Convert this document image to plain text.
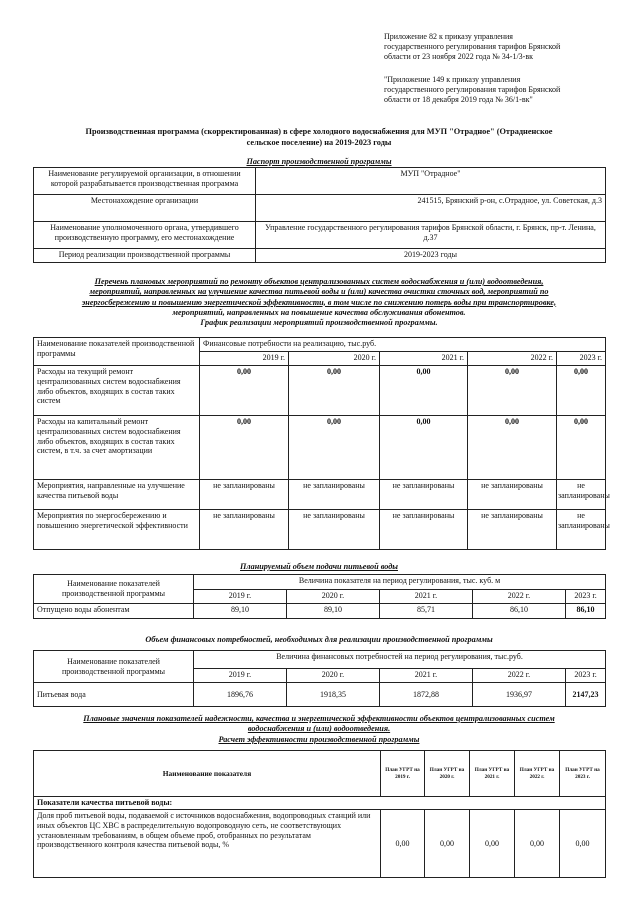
Приложение 82 к приказу управления

государственного регулирования тарифов Брянской

области от 23 ноября 2022 года № 34-1/3-вк

"Приложение 149 к приказу управления

государственного регулирования тарифов Брянской

области от 18 декабря 2019 года № 36/1-вк"

Производственная программа (скорректированная) в сфере холодного водоснабжения для МУП "Отрадное" (Отрадненское
сельское поселение) на 2019-2023 годы
Паспорт производственной программы
Наименование регулируемой организации, в отношении которой разрабатывается производственная программа	МУП "Отрадное"
Местонахождение организации	241515, Брянский р-он, с.Отрадное, ул. Советская, д.3
Наименование уполномоченного органа, утвердившего производственную программу, его местонахождение	Управление государственного регулирования тарифов Брянской области, г. Брянск, пр-т. Ленина, д.37
Период реализации производственной программы	2019-2023 годы
Перечень плановых мероприятий по ремонту объектов централизованных систем водоснабжения и (или) водоотведения,
мероприятий, направленных на улучшение качества питьевой воды и (или) качества очистки сточных вод, мероприятий по
энергосбережению и повышению энергетической эффективности, в том числе по снижению потерь воды при транспортировке,
мероприятий, направленных на повышение качества обслуживания абонентов.
График реализации мероприятий производственной программы.
Наименование показателей производственной программы	Финансовые потребности на реализацию, тыс.руб.				
	2019 г.	2020 г.	2021 г.	2022 г.	2023 г.
Расходы на текущий ремонт централизованных систем водоснабжения либо объектов, входящих в состав таких систем	0,00	0,00	0,00	0,00	0,00
Расходы на капитальный ремонт централизованных систем водоснабжения либо объектов, входящих в состав таких систем, в т.ч. за счет амортизации	0,00	0,00	0,00	0,00	0,00
Мероприятия, направленные на улучшение качества питьевой воды	не запланированы	не запланированы	не запланированы	не запланированы	не запланированы
Мероприятия по энергосбережению и повышению энергетической эффективности	не запланированы	не запланированы	не запланированы	не запланированы	не запланированы
Планируемый объем подачи питьевой воды
Наименование показателей производственной программы	Величина показателя на период регулирования, тыс. куб. м				
	2019 г.	2020 г.	2021 г.	2022 г.	2023 г.
Отпущено воды абонентам	89,10	89,10	85,71	86,10	86,10
Объем финансовых потребностей, необходимых для реализации производственной программы
Наименование показателей производственной программы	Величина финансовых потребностей на период регулирования, тыс.руб.				
	2019 г.	2020 г.	2021 г.	2022 г.	2023 г.
Питьевая вода	1896,76	1918,35	1872,88	1936,97	2147,23
Плановые значения показателей надежности, качества и энергетической эффективности объектов централизованных систем
водоснабжения и (или) водоотведения.
Расчет эффективности производственной программы
Наименование показателя	План УГРТ на 2019 г.	План УГРТ на 2020 г.	План УГРТ на 2021 г.	План УГРТ на 2022 г.	План УГРТ на 2023 г.
Показатели качества питьевой воды:					
Доля проб питьевой воды, подаваемой с источников водоснабжения, водопроводных станций или иных объектов ЦС ХВС в распределительную водопроводную сеть, не соответствующих установленным требованиям, в общем объеме проб, отобранных по результатам производственного контроля качества питьевой воды, %	0,00	0,00	0,00	0,00	0,00
